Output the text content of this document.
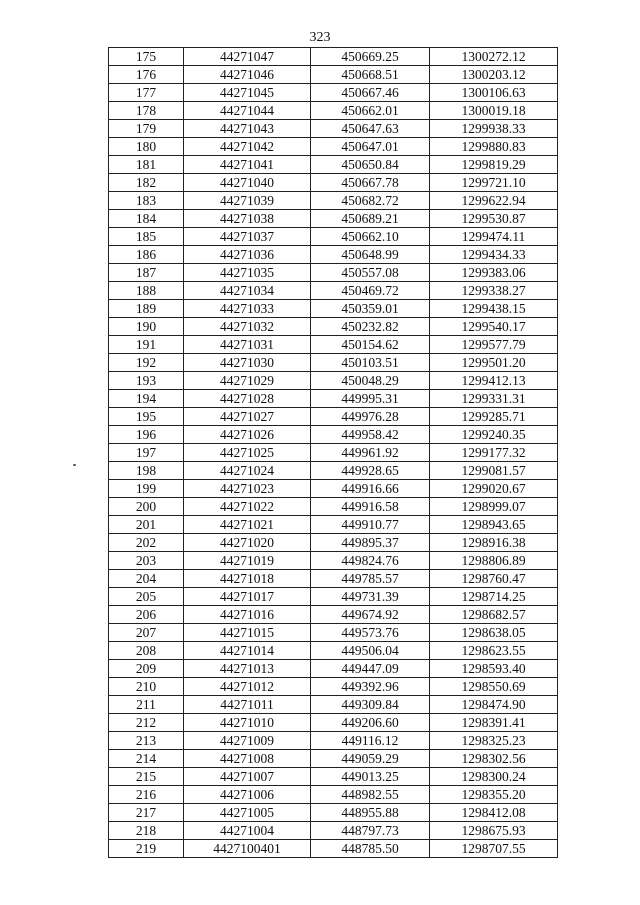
323
175	44271047	450669.25	1300272.12
176	44271046	450668.51	1300203.12
177	44271045	450667.46	1300106.63
178	44271044	450662.01	1300019.18
179	44271043	450647.63	1299938.33
180	44271042	450647.01	1299880.83
181	44271041	450650.84	1299819.29
182	44271040	450667.78	1299721.10
183	44271039	450682.72	1299622.94
184	44271038	450689.21	1299530.87
185	44271037	450662.10	1299474.11
186	44271036	450648.99	1299434.33
187	44271035	450557.08	1299383.06
188	44271034	450469.72	1299338.27
189	44271033	450359.01	1299438.15
190	44271032	450232.82	1299540.17
191	44271031	450154.62	1299577.79
192	44271030	450103.51	1299501.20
193	44271029	450048.29	1299412.13
194	44271028	449995.31	1299331.31
195	44271027	449976.28	1299285.71
196	44271026	449958.42	1299240.35
197	44271025	449961.92	1299177.32
198	44271024	449928.65	1299081.57
199	44271023	449916.66	1299020.67
200	44271022	449916.58	1298999.07
201	44271021	449910.77	1298943.65
202	44271020	449895.37	1298916.38
203	44271019	449824.76	1298806.89
204	44271018	449785.57	1298760.47
205	44271017	449731.39	1298714.25
206	44271016	449674.92	1298682.57
207	44271015	449573.76	1298638.05
208	44271014	449506.04	1298623.55
209	44271013	449447.09	1298593.40
210	44271012	449392.96	1298550.69
211	44271011	449309.84	1298474.90
212	44271010	449206.60	1298391.41
213	44271009	449116.12	1298325.23
214	44271008	449059.29	1298302.56
215	44271007	449013.25	1298300.24
216	44271006	448982.55	1298355.20
217	44271005	448955.88	1298412.08
218	44271004	448797.73	1298675.93
219	4427100401	448785.50	1298707.55
